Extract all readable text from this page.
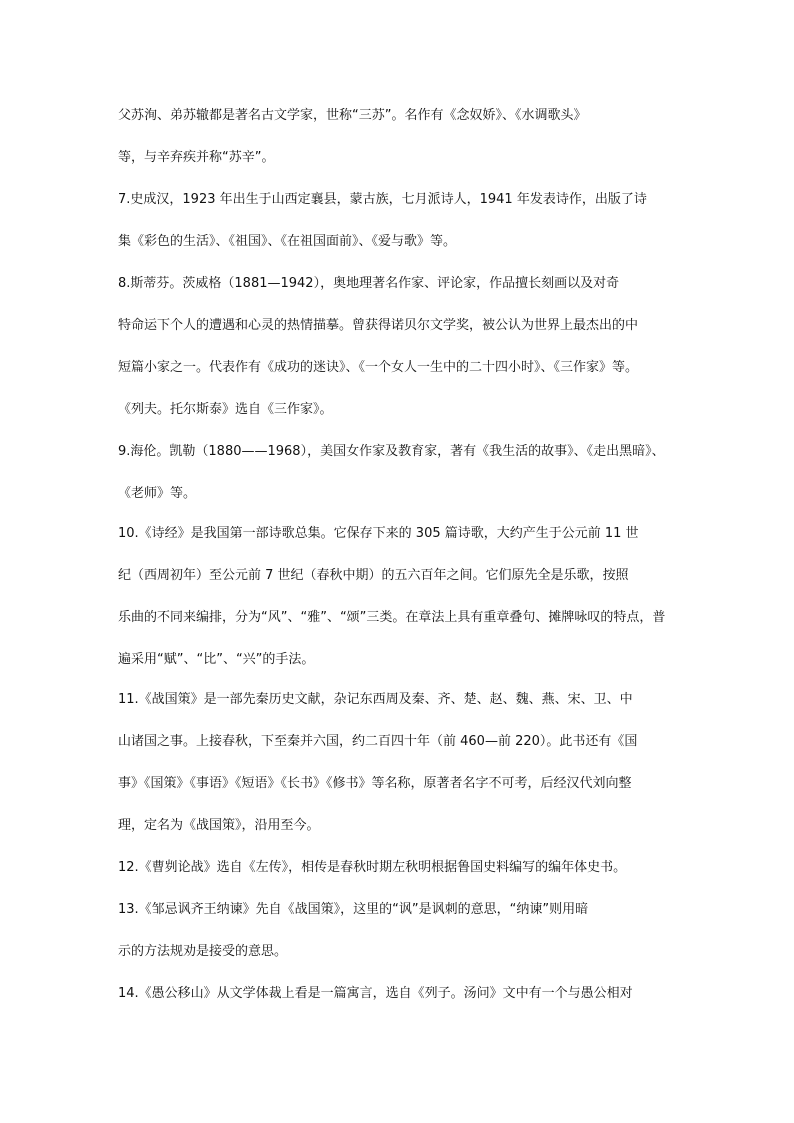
父苏洵、弟苏辙都是著名古文学家，世称“三苏”。名作有《念奴娇》、《水调歌头》
等，与辛弃疾并称“苏辛”。
7.史成汉，1923 年出生于山西定襄县，蒙古族，七月派诗人，1941 年发表诗作，出版了诗
集《彩色的生活》、《祖国》、《在祖国面前》、《爱与歌》等。
8.斯蒂芬。茨威格（1881—1942），奥地理著名作家、评论家，作品擅长刻画以及对奇
特命运下个人的遭遇和心灵的热情描摹。曾获得诺贝尔文学奖，被公认为世界上最杰出的中
短篇小家之一。代表作有《成功的迷诀》、《一个女人一生中的二十四小时》、《三作家》等。
《列夫。托尔斯泰》选自《三作家》。
9.海伦。凯勒（1880——1968），美国女作家及教育家，著有《我生活的故事》、《走出黑暗》、
《老师》等。
10.《诗经》是我国第一部诗歌总集。它保存下来的 305 篇诗歌，大约产生于公元前 11 世
纪（西周初年）至公元前 7 世纪（春秋中期）的五六百年之间。它们原先全是乐歌，按照
乐曲的不同来编排，分为“风”、“雅”、“颂”三类。在章法上具有重章叠句、摊牌咏叹的特点，普
遍采用“赋”、“比”、“兴”的手法。
11.《战国策》是一部先秦历史文献，杂记东西周及秦、齐、楚、赵、魏、燕、宋、卫、中
山诸国之事。上接春秋，下至秦并六国，约二百四十年（前 460—前 220）。此书还有《国
事》《国策》《事语》《短语》《长书》《修书》等名称，原著者名字不可考，后经汉代刘向整
理，定名为《战国策》，沿用至今。
12.《曹刿论战》选自《左传》，相传是春秋时期左秋明根据鲁国史料编写的编年体史书。
13.《邹忌讽齐王纳谏》先自《战国策》，这里的“讽”是讽刺的意思，“纳谏”则用暗
示的方法规劝是接受的意思。
14.《愚公移山》从文学体裁上看是一篇寓言，选自《列子。汤问》文中有一个与愚公相对
